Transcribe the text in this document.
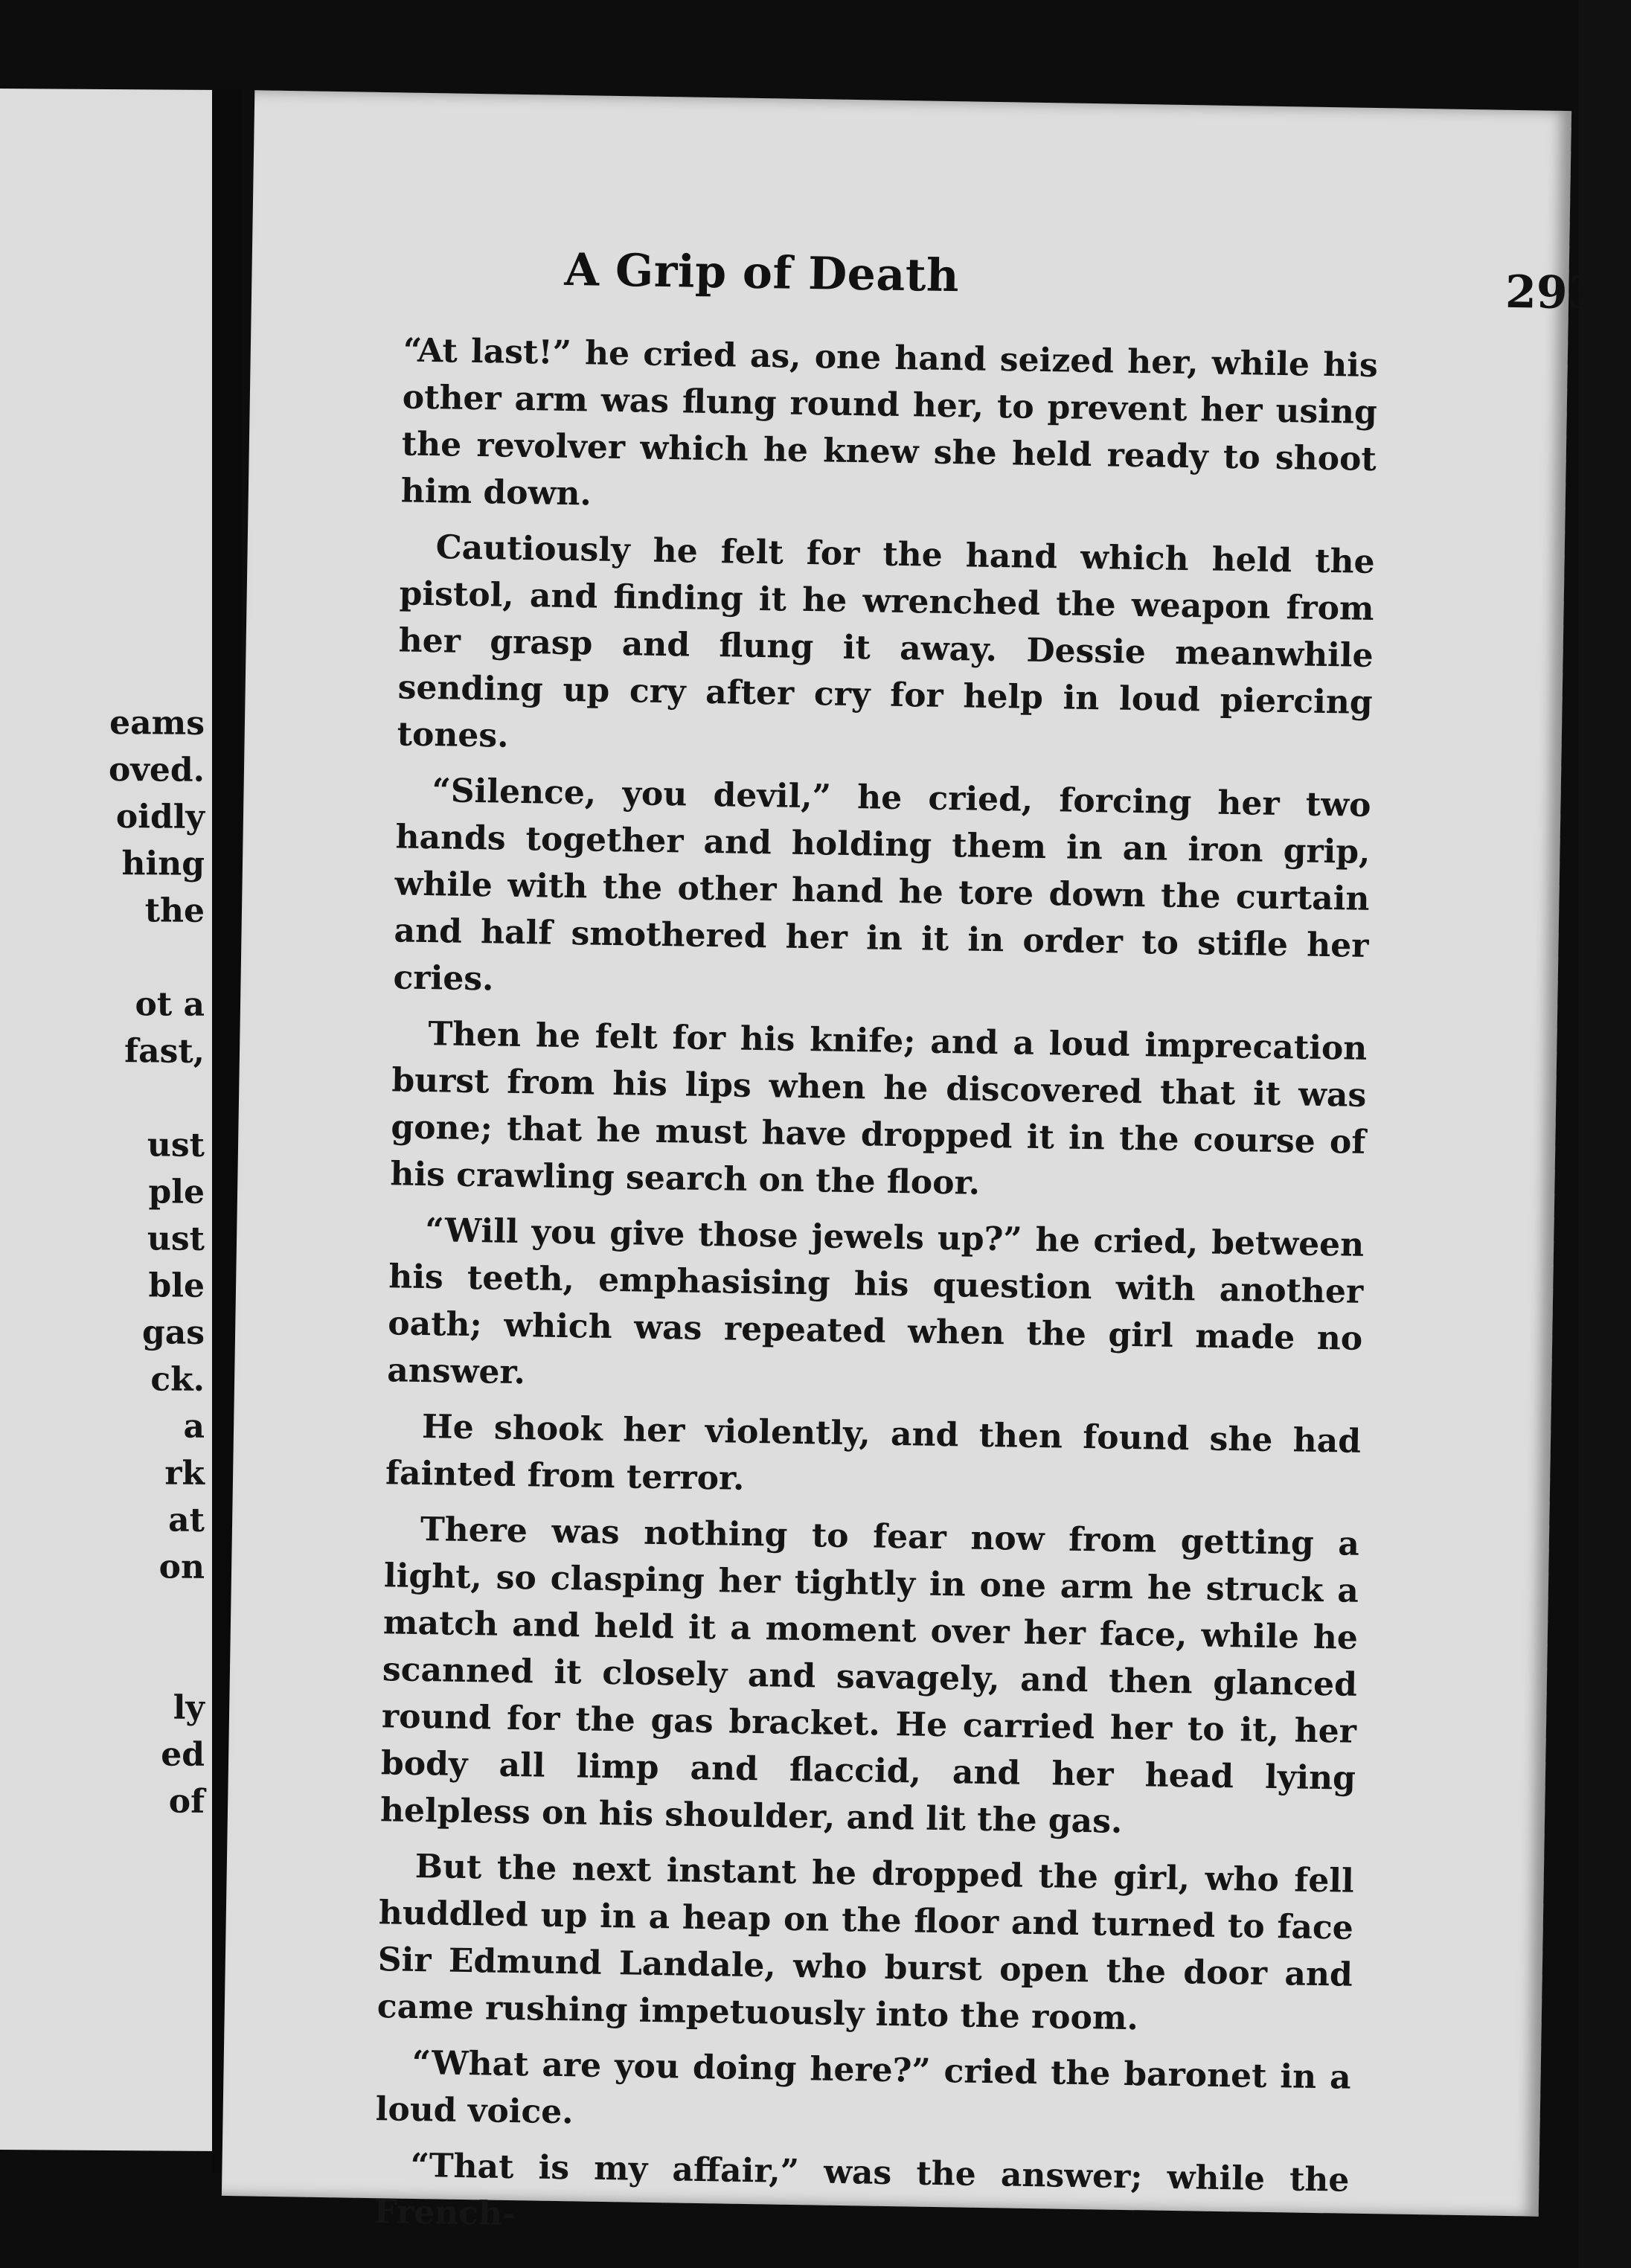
eams
oved.
oidly
hing
the
ot a
fast,
ust
ple
ust
ble
gas
ck.
a
rk
at
on
ly
ed
of
A Grip of Death	293

“At last!” he cried as, one hand seized her, while his other arm was flung round her, to prevent her using the revolver which he knew she held ready to shoot him down.

Cautiously he felt for the hand which held the pistol, and finding it he wrenched the weapon from her grasp and flung it away. Dessie meanwhile sending up cry after cry for help in loud piercing tones.

“Silence, you devil,” he cried, forcing her two hands together and holding them in an iron grip, while with the other hand he tore down the curtain and half smothered her in it in order to stifle her cries.

Then he felt for his knife; and a loud imprecation burst from his lips when he discovered that it was gone; that he must have dropped it in the course of his crawling search on the floor.

“Will you give those jewels up?” he cried, between his teeth, emphasising his question with another oath; which was repeated when the girl made no answer.

He shook her violently, and then found she had fainted from terror.

There was nothing to fear now from getting a light, so clasping her tightly in one arm he struck a match and held it a moment over her face, while he scanned it closely and savagely, and then glanced round for the gas bracket. He carried her to it, her body all limp and flaccid, and her head lying helpless on his shoulder, and lit the gas.

But the next instant he dropped the girl, who fell huddled up in a heap on the floor and turned to face Sir Edmund Landale, who burst open the door and came rushing impetuously into the room.

“What are you doing here?” cried the baronet in a loud voice.

“That is my affair,” was the answer; while the French-
